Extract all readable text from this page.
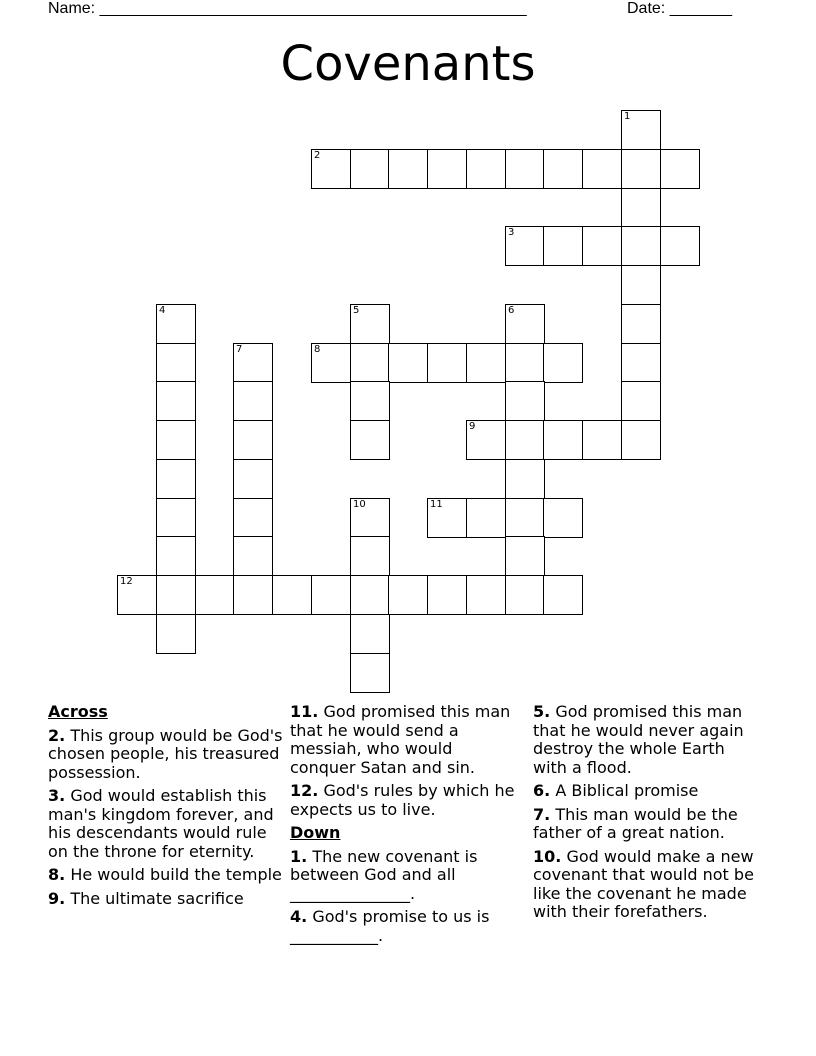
Name: ________________________________________________	Date: _______
Covenants
1
2
3
4	5	6
7	8
9
10	11
12
Across
2. This group would be God's chosen people, his treasured possession.
3. God would establish this man's kingdom forever, and his descendants would rule on the throne for eternity.
8. He would build the temple
9. The ultimate sacrifice
11. God promised this man that he would send a messiah, who would conquer Satan and sin.
12. God's rules by which he expects us to live.
Down
1. The new covenant is between God and all _______________.
4. God's promise to us is ___________.
5. God promised this man that he would never again destroy the whole Earth with a flood.
6. A Biblical promise
7. This man would be the father of a great nation.
10. God would make a new covenant that would not be like the covenant he made with their forefathers.
